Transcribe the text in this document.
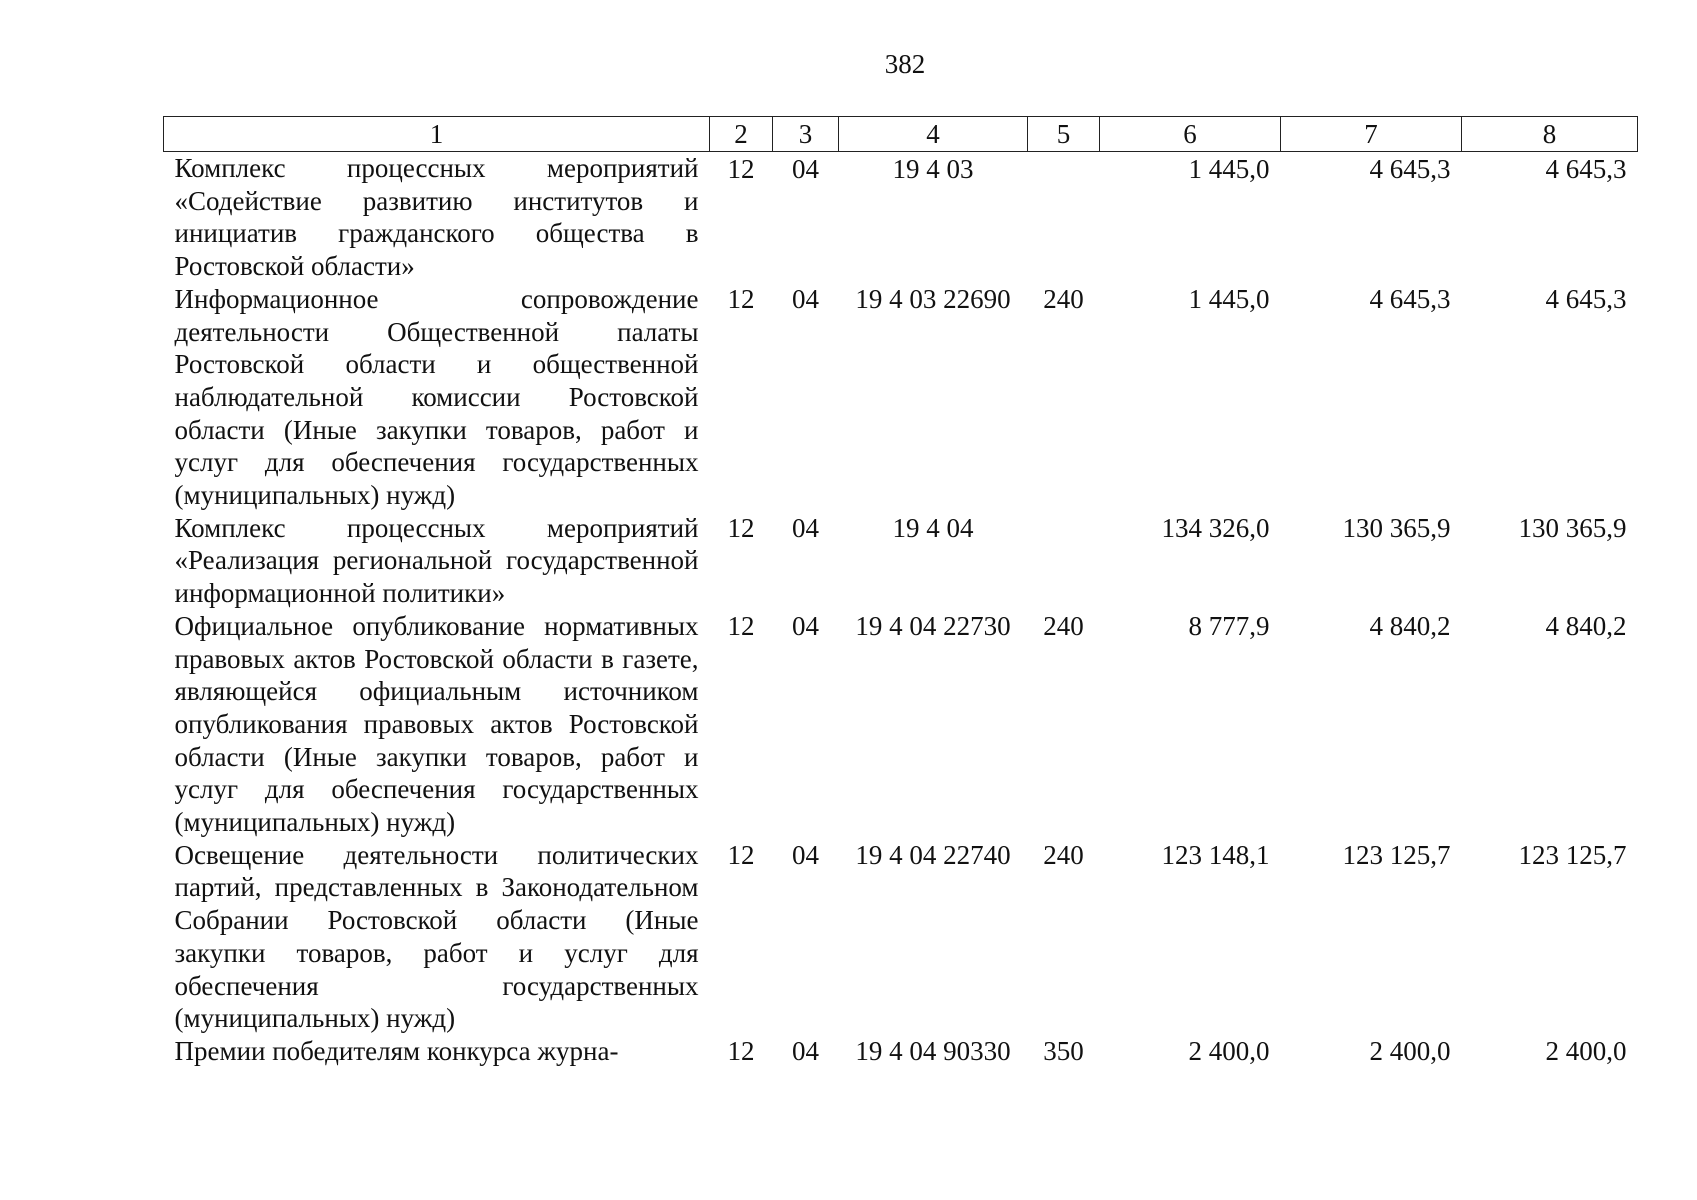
382
1	2	3	4	5	6	7	8
Комплекс процессных мероприятий «Содействие развитию институтов и инициатив гражданского общества в Ростовской области»	12	04	19 4 03		1 445,0	4 645,3	4 645,3
Информационное сопровождение деятельности Общественной палаты Ростовской области и общественной наблюдательной комиссии Ростовской области (Иные закупки товаров, работ и услуг для обеспечения государственных (муниципальных) нужд)	12	04	19 4 03 22690	240	1 445,0	4 645,3	4 645,3
Комплекс процессных мероприятий «Реализация региональной государственной информационной политики»	12	04	19 4 04		134 326,0	130 365,9	130 365,9
Официальное опубликование нормативных правовых актов Ростовской области в газете, являющейся официальным источником опубликования правовых актов Ростовской области (Иные закупки товаров, работ и услуг для обеспечения государственных (муниципальных) нужд)	12	04	19 4 04 22730	240	8 777,9	4 840,2	4 840,2
Освещение деятельности политических партий, представленных в Законодательном Собрании Ростовской области (Иные закупки товаров, работ и услуг для обеспечения государственных (муниципальных) нужд)	12	04	19 4 04 22740	240	123 148,1	123 125,7	123 125,7
Премии победителям конкурса журна-	12	04	19 4 04 90330	350	2 400,0	2 400,0	2 400,0
